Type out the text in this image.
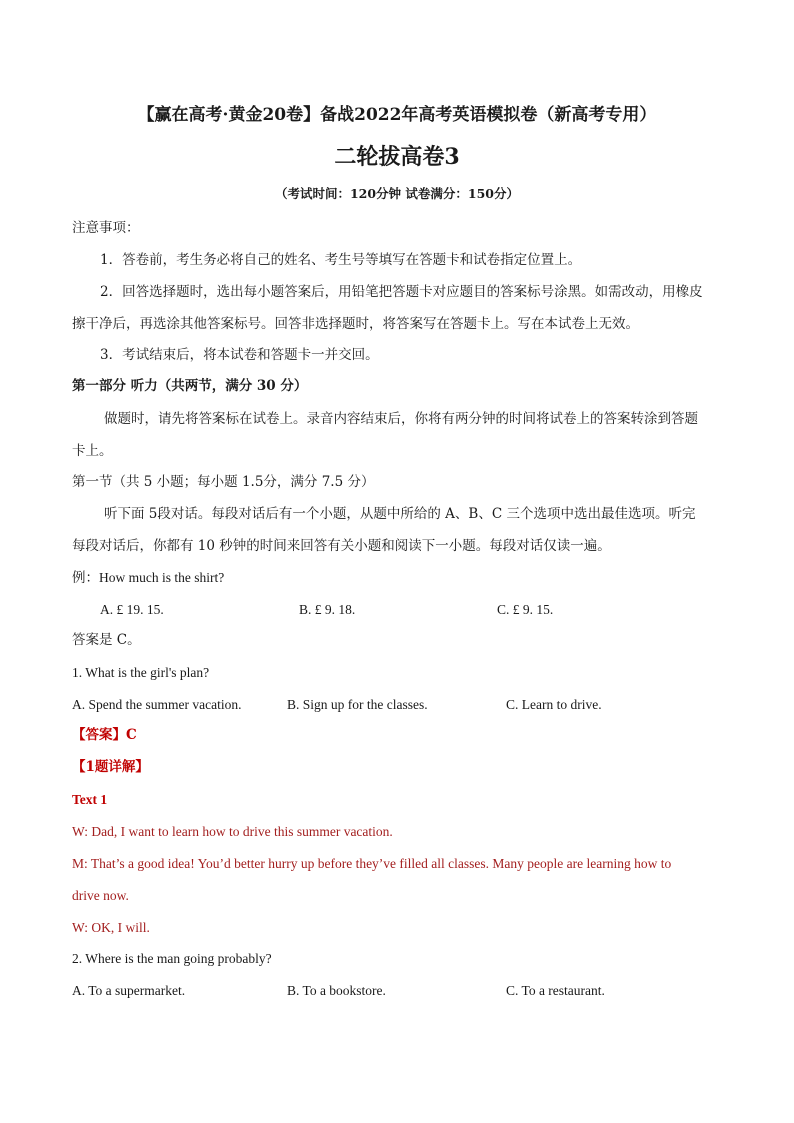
【赢在高考·黄金20卷】备战2022年高考英语模拟卷（新高考专用）
二轮拔高卷3
（考试时间：120分钟 试卷满分：150分）
注意事项：
1．答卷前，考生务必将自己的姓名、考生号等填写在答题卡和试卷指定位置上。
2．回答选择题时，选出每小题答案后，用铅笔把答题卡对应题目的答案标号涂黑。如需改动，用橡皮
擦干净后，再选涂其他答案标号。回答非选择题时，将答案写在答题卡上。写在本试卷上无效。
3．考试结束后，将本试卷和答题卡一并交回。
第一部分 听力（共两节，满分 30 分）
做题时，请先将答案标在试卷上。录音内容结束后，你将有两分钟的时间将试卷上的答案转涂到答题
卡上。
第一节（共 5 小题；每小题 1.5分，满分 7.5 分）
听下面 5段对话。每段对话后有一个小题，从题中所给的 A、B、C 三个选项中选出最佳选项。听完
每段对话后，你都有 10 秒钟的时间来回答有关小题和阅读下一小题。每段对话仅读一遍。
例：How much is the shirt?
A. £ 19. 15.	B. £ 9. 18.	C. £ 9. 15.
答案是 C。
1. What is the girl's plan?
A. Spend the summer vacation.	B. Sign up for the classes.	C. Learn to drive.
【答案】C
【1题详解】
Text 1
W: Dad, I want to learn how to drive this summer vacation.
M: That’s a good idea! You’d better hurry up before they’ve filled all classes. Many people are learning how to
drive now.
W: OK, I will.
2. Where is the man going probably?
A. To a supermarket.	B. To a bookstore.	C. To a restaurant.
